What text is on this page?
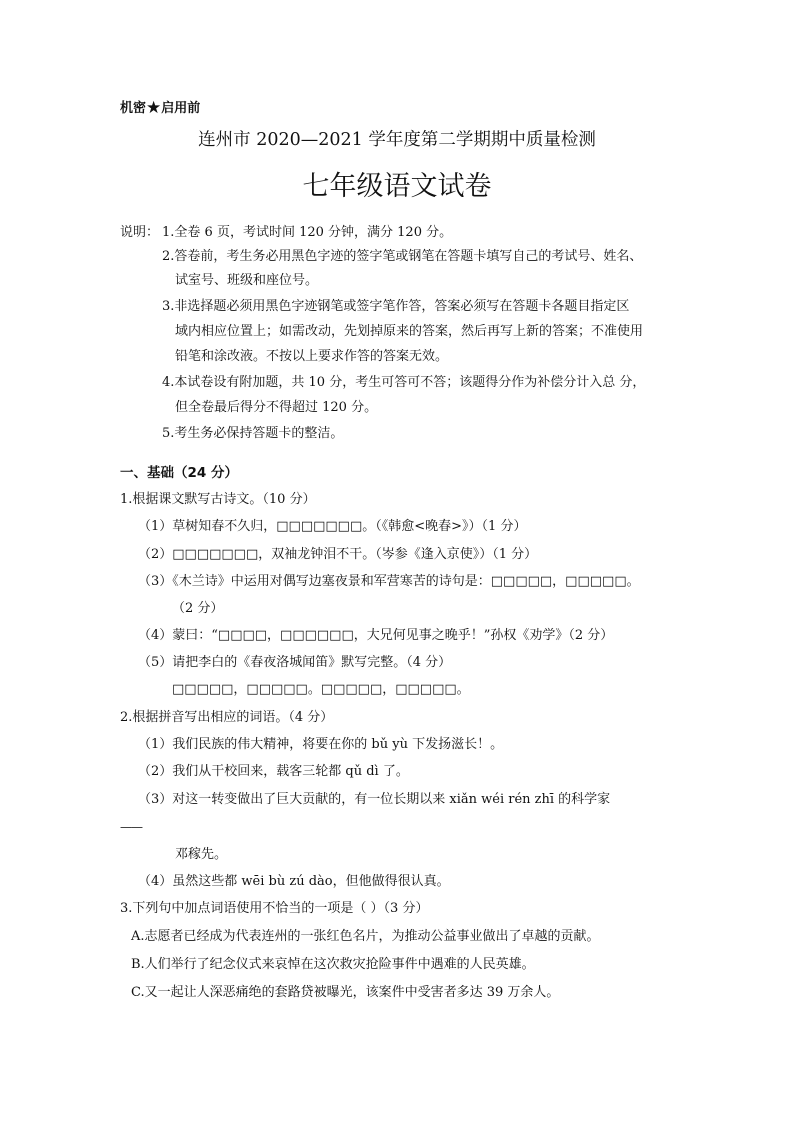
机密★启用前
连州市 2020—2021 学年度第二学期期中质量检测
七年级语文试卷
说明： 1.全卷 6 页，考试时间 120 分钟，满分 120 分。
2.答卷前，考生务必用黑色字迹的签字笔或钢笔在答题卡填写自己的考试号、姓名、
试室号、班级和座位号。
3.非选择题必须用黑色字迹钢笔或签字笔作答，答案必须写在答题卡各题目指定区
域内相应位置上；如需改动，先划掉原来的答案，然后再写上新的答案；不准使用
铅笔和涂改液。不按以上要求作答的答案无效。
4.本试卷设有附加题，共 10 分，考生可答可不答；该题得分作为补偿分计入总 分，
但全卷最后得分不得超过 120 分。
5.考生务必保持答题卡的整洁。
一、基础（24 分）
1.根据课文默写古诗文。（10 分）
（1）草树知春不久归，□□□□□□□。（《韩愈<晚春>》）（1 分）
（2）□□□□□□□，双袖龙钟泪不干。（岑参《逢入京使》）（1 分）
（3）《木兰诗》中运用对偶写边塞夜景和军营寒苦的诗句是：□□□□□，□□□□□。
（2 分）
（4）蒙曰：“□□□□，□□□□□□，大兄何见事之晚乎！”孙权《劝学》（2 分）
（5）请把李白的《春夜洛城闻笛》默写完整。（4 分）
□□□□□，□□□□□。□□□□□，□□□□□。
2.根据拼音写出相应的词语。（4 分）
（1）我们民族的伟大精神，将要在你的 bǔ yù 下发扬滋长！。
（2）我们从干校回来，载客三轮都 qǔ dì 了。
（3）对这一转变做出了巨大贡献的，有一位长期以来 xiǎn wéi rén zhī 的科学家
——
邓稼先。
（4）虽然这些都 wēi bù zú dào，但他做得很认真。
3.下列句中加点词语使用不恰当的一项是（ ）（3 分）
A.志愿者已经成为代表连州的一张红色名片，为推动公益事业做出了卓越的贡献。
B.人们举行了纪念仪式来哀悼在这次救灾抢险事件中遇难的人民英雄。
C.又一起让人深恶痛绝的套路贷被曝光，该案件中受害者多达 39 万余人。
